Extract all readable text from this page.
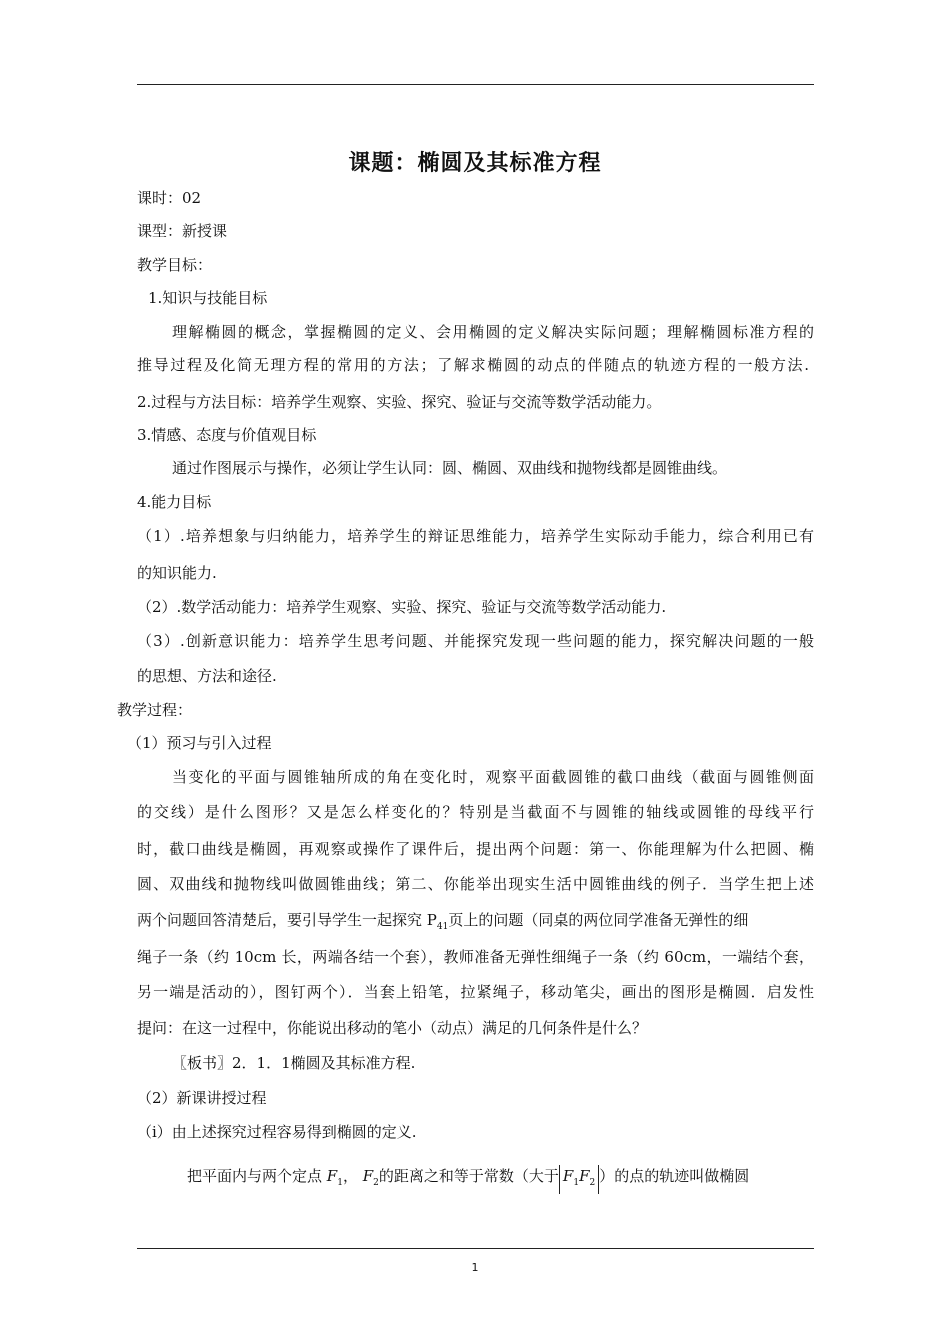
课题：椭圆及其标准方程
课时：02
课型：新授课
教学目标：
1.知识与技能目标
理解椭圆的概念，掌握椭圆的定义、会用椭圆的定义解决实际问题；理解椭圆标准方程的
推导过程及化简无理方程的常用的方法；了解求椭圆的动点的伴随点的轨迹方程的一般方法.
2.过程与方法目标：培养学生观察、实验、探究、验证与交流等数学活动能力。
3.情感、态度与价值观目标
通过作图展示与操作，必须让学生认同：圆、椭圆、双曲线和抛物线都是圆锥曲线。
4.能力目标
（1）.培养想象与归纳能力，培养学生的辩证思维能力，培养学生实际动手能力，综合利用已有
的知识能力.
（2）.数学活动能力：培养学生观察、实验、探究、验证与交流等数学活动能力.
（3）.创新意识能力：培养学生思考问题、并能探究发现一些问题的能力，探究解决问题的一般
的思想、方法和途径.
教学过程：
（1）预习与引入过程
当变化的平面与圆锥轴所成的角在变化时，观察平面截圆锥的截口曲线（截面与圆锥侧面
的交线）是什么图形？又是怎么样变化的？特别是当截面不与圆锥的轴线或圆锥的母线平行
时，截口曲线是椭圆，再观察或操作了课件后，提出两个问题：第一、你能理解为什么把圆、椭
圆、双曲线和抛物线叫做圆锥曲线；第二、你能举出现实生活中圆锥曲线的例子．当学生把上述
两个问题回答清楚后，要引导学生一起探究 $P_{41}$页上的问题（同桌的两位同学准备无弹性的细
绳子一条（约 10cm 长，两端各结一个套），教师准备无弹性细绳子一条（约 60cm，一端结个套，
另一端是活动的），图钉两个）．当套上铅笔，拉紧绳子，移动笔尖，画出的图形是椭圆．启发性
提问：在这一过程中，你能说出移动的笔小（动点）满足的几何条件是什么？
〖板书〗2．1．1椭圆及其标准方程.
（2）新课讲授过程
（i）由上述探究过程容易得到椭圆的定义.
把平面内与两个定点 $F_1$， $F_2$的距离之和等于常数（大于 $F_1F_2$ ）的点的轨迹叫做椭圆
1
